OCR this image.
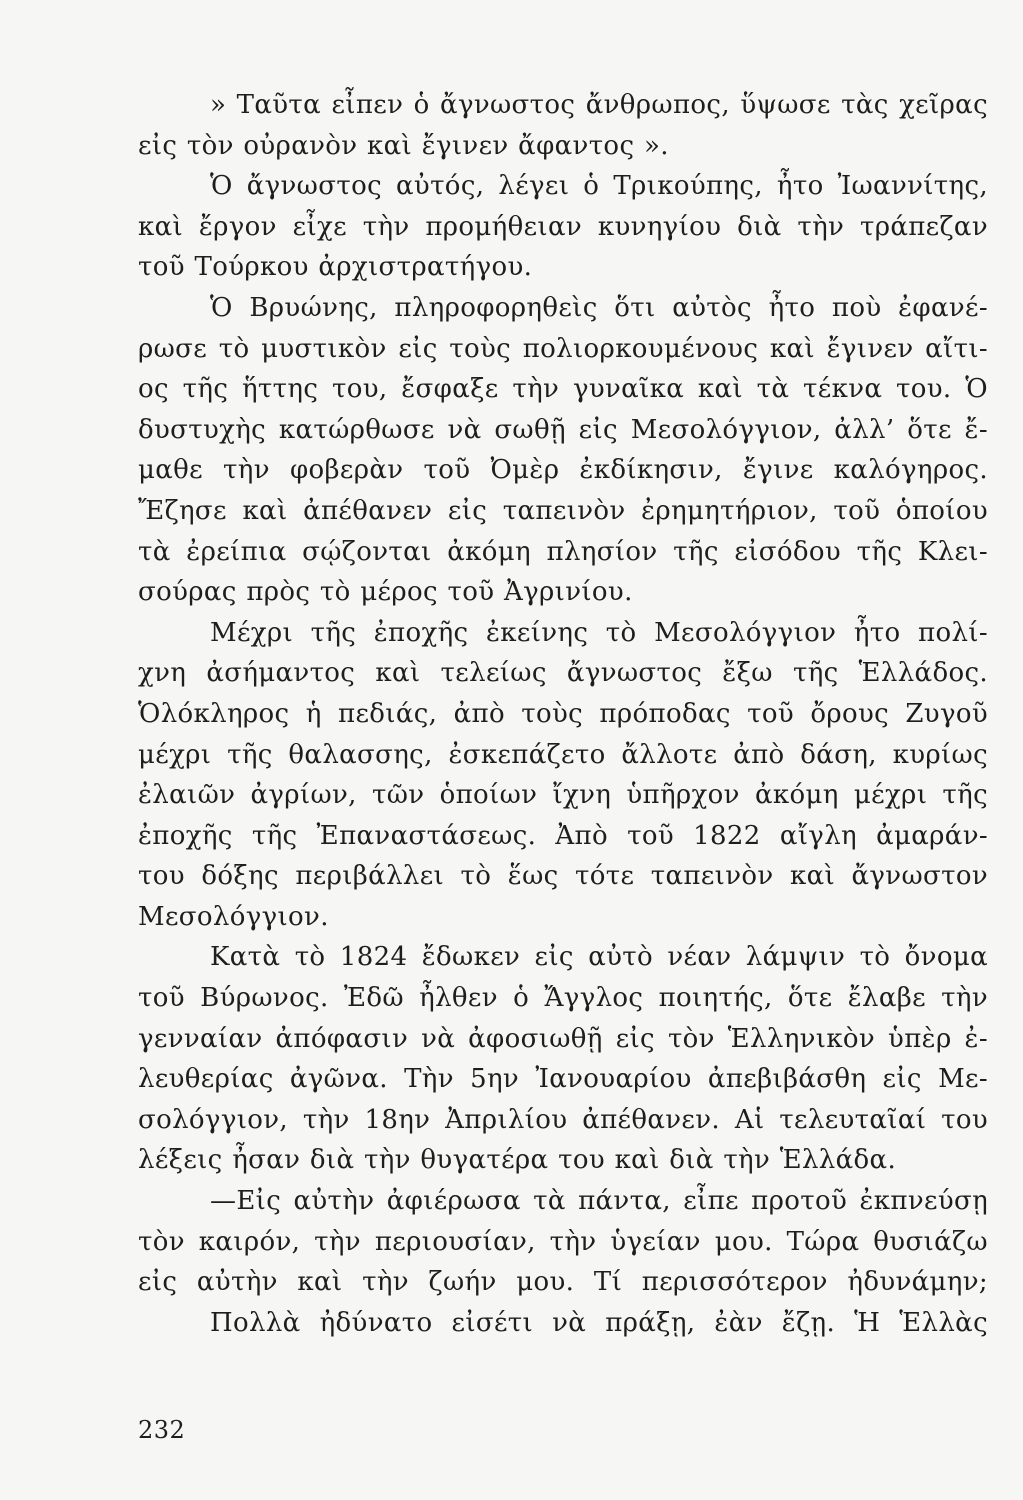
» Ταῦτα εἶπεν ὁ ἄγνωστος ἄνθρωπος, ὕψωσε τὰς χεῖρας
εἰς τὸν οὐρανὸν καὶ ἔγινεν ἄφαντος ».
Ὁ ἄγνωστος αὐτός, λέγει ὁ Τρικούπης, ἦτο Ἰωαννίτης,
καὶ ἔργον εἶχε τὴν προμήθειαν κυνηγίου διὰ τὴν τράπεζαν
τοῦ Τούρκου ἀρχιστρατήγου.
Ὁ Βρυώνης, πληροφορηθεὶς ὅτι αὐτὸς ἦτο ποὺ ἐφανέ-
ρωσε τὸ μυστικὸν εἰς τοὺς πολιορκουμένους καὶ ἔγινεν αἴτι-
ος τῆς ἥττης του, ἔσφαξε τὴν γυναῖκα καὶ τὰ τέκνα του. Ὁ
δυστυχὴς κατώρθωσε νὰ σωθῇ εἰς Μεσολόγγιον, ἀλλ’ ὅτε ἔ-
μαθε τὴν φοβερὰν τοῦ Ὀμὲρ ἐκδίκησιν, ἔγινε καλόγηρος.
Ἔζησε καὶ ἀπέθανεν εἰς ταπεινὸν ἐρημητήριον, τοῦ ὁποίου
τὰ ἐρείπια σῴζονται ἀκόμη πλησίον τῆς εἰσόδου τῆς Κλει-
σούρας πρὸς τὸ μέρος τοῦ Ἀγρινίου.
Μέχρι τῆς ἐποχῆς ἐκείνης τὸ Μεσολόγγιον ἦτο πολί-
χνη ἀσήμαντος καὶ τελείως ἄγνωστος ἔξω τῆς Ἑλλάδος.
Ὁλόκληρος ἡ πεδιάς, ἀπὸ τοὺς πρόποδας τοῦ ὄρους Ζυγοῦ
μέχρι τῆς θαλασσης, ἐσκεπάζετο ἄλλοτε ἀπὸ δάση, κυρίως
ἐλαιῶν ἀγρίων, τῶν ὁποίων ἴχνη ὑπῆρχον ἀκόμη μέχρι τῆς
ἐποχῆς τῆς Ἐπαναστάσεως. Ἀπὸ τοῦ 1822 αἴγλη ἀμαράν-
του δόξης περιβάλλει τὸ ἕως τότε ταπεινὸν καὶ ἄγνωστον
Μεσολόγγιον.
Κατὰ τὸ 1824 ἔδωκεν εἰς αὐτὸ νέαν λάμψιν τὸ ὄνομα
τοῦ Βύρωνος. Ἐδῶ ἦλθεν ὁ Ἄγγλος ποιητής, ὅτε ἔλαβε τὴν
γενναίαν ἀπόφασιν νὰ ἀφοσιωθῇ εἰς τὸν Ἑλληνικὸν ὑπὲρ ἐ-
λευθερίας ἀγῶνα. Τὴν 5ην Ἰανουαρίου ἀπεβιβάσθη εἰς Με-
σολόγγιον, τὴν 18ην Ἀπριλίου ἀπέθανεν. Αἱ τελευταῖαί του
λέξεις ἦσαν διὰ τὴν θυγατέρα του καὶ διὰ τὴν Ἑλλάδα.
—Εἰς αὐτὴν ἀφιέρωσα τὰ πάντα, εἶπε προτοῦ ἐκπνεύσῃ
τὸν καιρόν, τὴν περιουσίαν, τὴν ὑγείαν μου. Τώρα θυσιάζω
εἰς αὐτὴν καὶ τὴν ζωήν μου. Τί περισσότερον ἠδυνάμην;
Πολλὰ ἠδύνατο εἰσέτι νὰ πράξῃ, ἐὰν ἔζῃ. Ἡ Ἑλλὰς
232
